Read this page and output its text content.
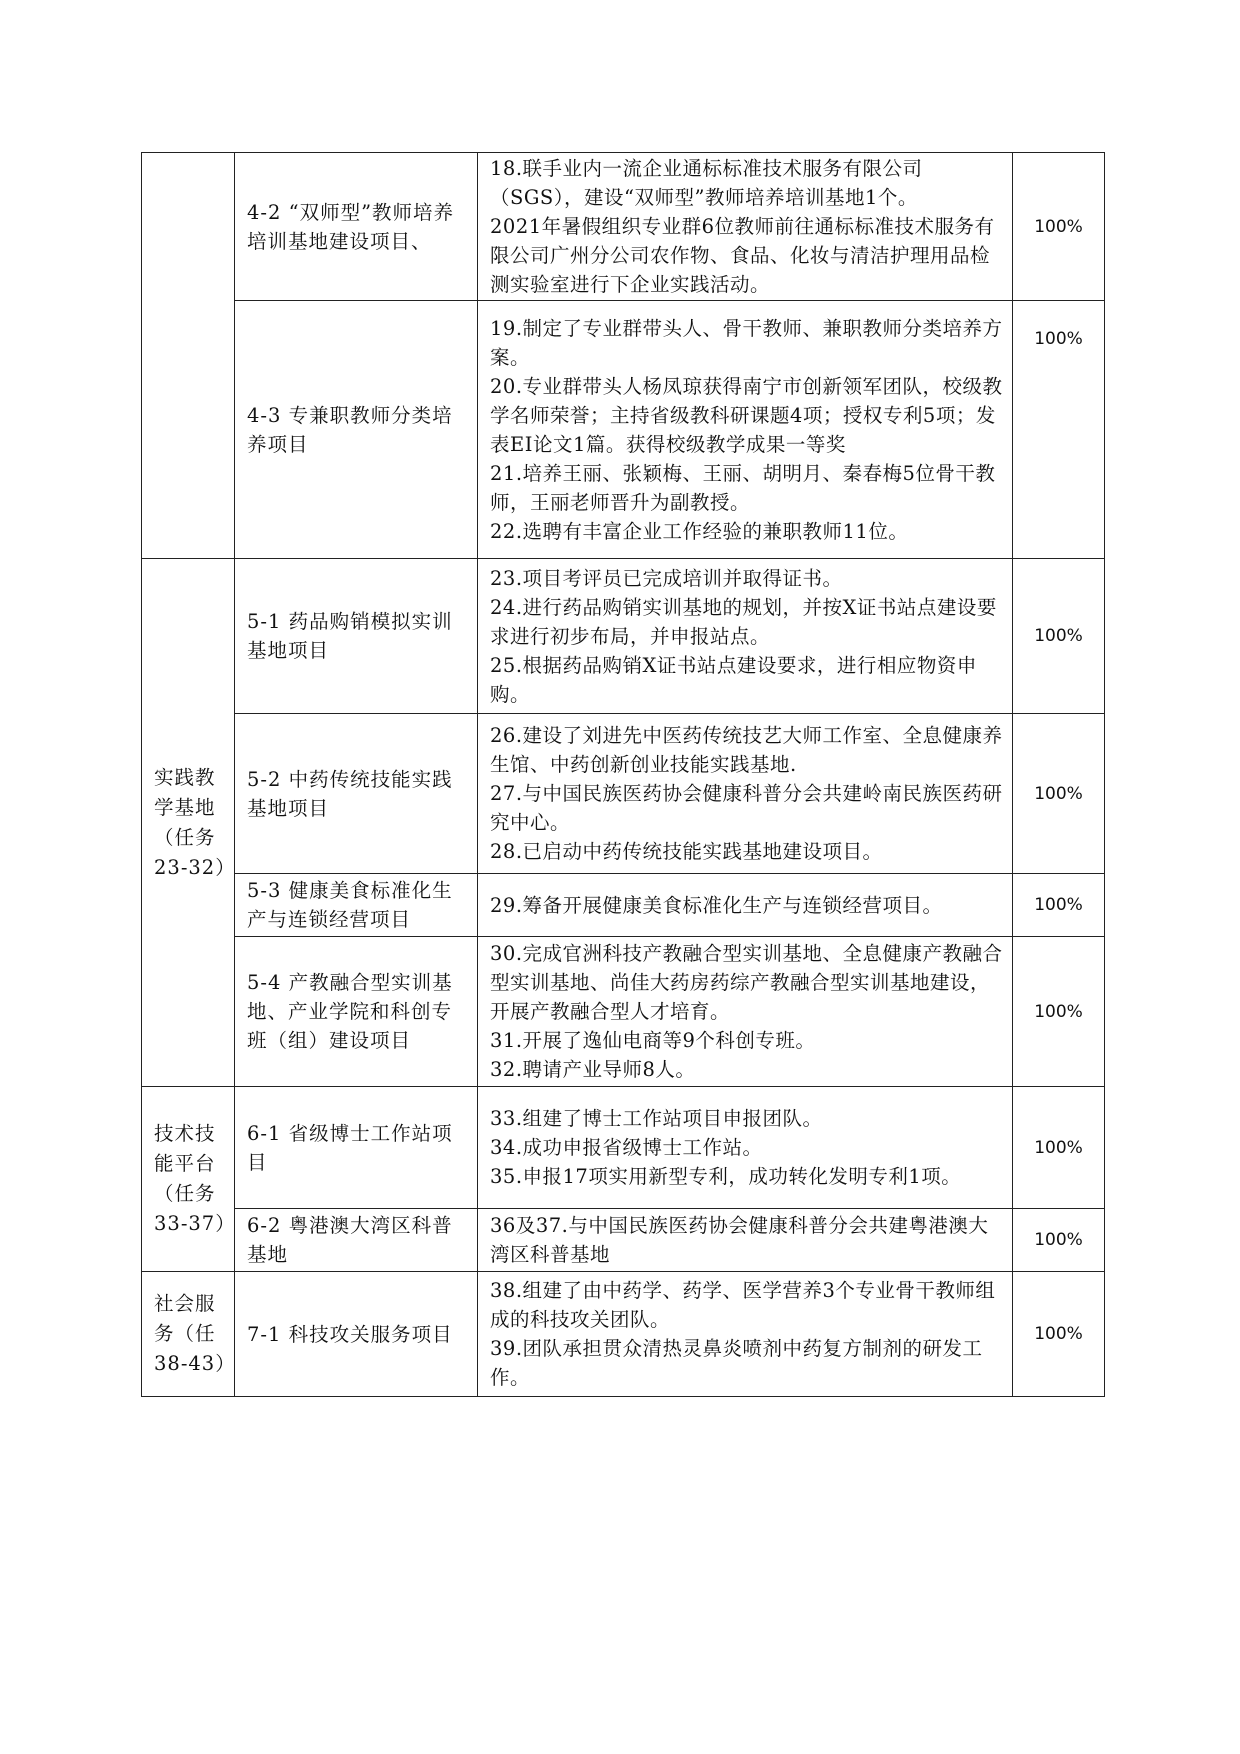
	4-2 “双师型”教师培养培训基地建设项目、	18.联手业内一流企业通标标准技术服务有限公司（SGS），建设“双师型”教师培养培训基地1个。

2021年暑假组织专业群6位教师前往通标标准技术服务有限公司广州分公司农作物、食品、化妆与清洁护理用品检测实验室进行下企业实践活动。	100%
	4-3 专兼职教师分类培养项目	19.制定了专业群带头人、骨干教师、兼职教师分类培养方案。

20.专业群带头人杨凤琼获得南宁市创新领军团队，校级教学名师荣誉；主持省级教科研课题4项；授权专利5项；发表EI论文1篇。获得校级教学成果一等奖

21.培养王丽、张颖梅、王丽、胡明月、秦春梅5位骨干教师，王丽老师晋升为副教授。

22.选聘有丰富企业工作经验的兼职教师11位。	100%
实践教学基地（任务23-32）	5-1 药品购销模拟实训基地项目	23.项目考评员已完成培训并取得证书。

24.进行药品购销实训基地的规划，并按X证书站点建设要求进行初步布局，并申报站点。

25.根据药品购销X证书站点建设要求，进行相应物资申购。	100%
	5-2 中药传统技能实践基地项目	26.建设了刘进先中医药传统技艺大师工作室、全息健康养生馆、中药创新创业技能实践基地.

27.与中国民族医药协会健康科普分会共建岭南民族医药研究中心。

28.已启动中药传统技能实践基地建设项目。	100%
	5-3 健康美食标准化生产与连锁经营项目	29.筹备开展健康美食标准化生产与连锁经营项目。	100%
	5-4 产教融合型实训基地、产业学院和科创专班（组）建设项目	30.完成官洲科技产教融合型实训基地、全息健康产教融合型实训基地、尚佳大药房药综产教融合型实训基地建设，开展产教融合型人才培育。

31.开展了逸仙电商等9个科创专班。

32.聘请产业导师8人。	100%
技术技能平台（任务33-37）	6-1 省级博士工作站项目	33.组建了博士工作站项目申报团队。

34.成功申报省级博士工作站。

35.申报17项实用新型专利，成功转化发明专利1项。	100%
	6-2 粤港澳大湾区科普基地	36及37.与中国民族医药协会健康科普分会共建粤港澳大湾区科普基地	100%
社会服务（任38-43）	7-1 科技攻关服务项目	38.组建了由中药学、药学、医学营养3个专业骨干教师组成的科技攻关团队。

39.团队承担贯众清热灵鼻炎喷剂中药复方制剂的研发工作。	100%
